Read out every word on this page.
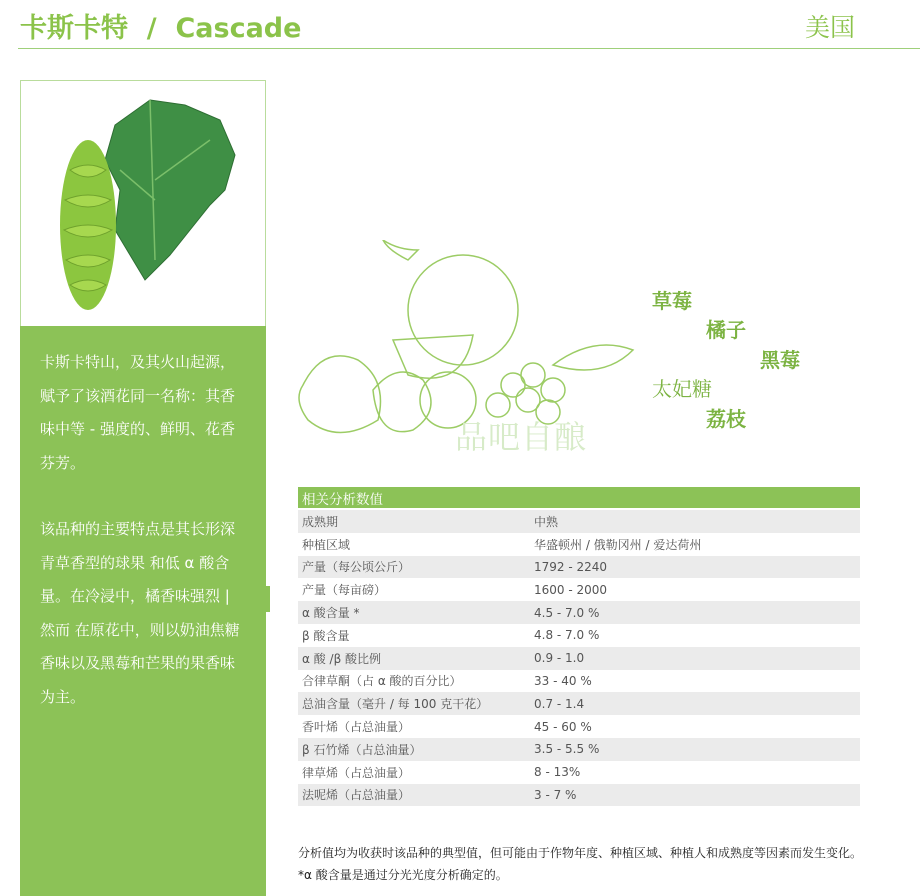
卡斯卡特  /  Cascade	美国

卡斯卡特山，及其火山起源，赋予了该酒花同一名称：其香味中等 - 强度的、鲜明、花香芬芳。

该品种的主要特点是其长形深青草香型的球果 和低 α 酸含量。在冷浸中，橘香味强烈 | 然而 在原花中，则以奶油焦糖香味以及黑莓和芒果的果香味为主。

草莓
橘子
黑莓
太妃糖
荔枝
品吧自酿
相关分析数值	
成熟期	中熟
种植区域	华盛顿州 / 俄勒冈州 / 爱达荷州
产量（每公顷公斤）	1792 - 2240
产量（每亩磅）	1600 - 2000
α 酸含量 *	4.5 - 7.0 %
β 酸含量	4.8 - 7.0 %
α 酸 /β 酸比例	0.9 - 1.0
合律草酮（占 α 酸的百分比）	33 - 40 %
总油含量（毫升 / 每 100 克干花）	0.7 - 1.4
香叶烯（占总油量）	45 - 60 %
β 石竹烯（占总油量）	3.5 - 5.5 %
律草烯（占总油量）	8 - 13%
法呢烯（占总油量）	3 - 7 %
分析值均为收获时该品种的典型值，但可能由于作物年度、种植区域、种植人和成熟度等因素而发生变化。
*α 酸含量是通过分光光度分析确定的。
